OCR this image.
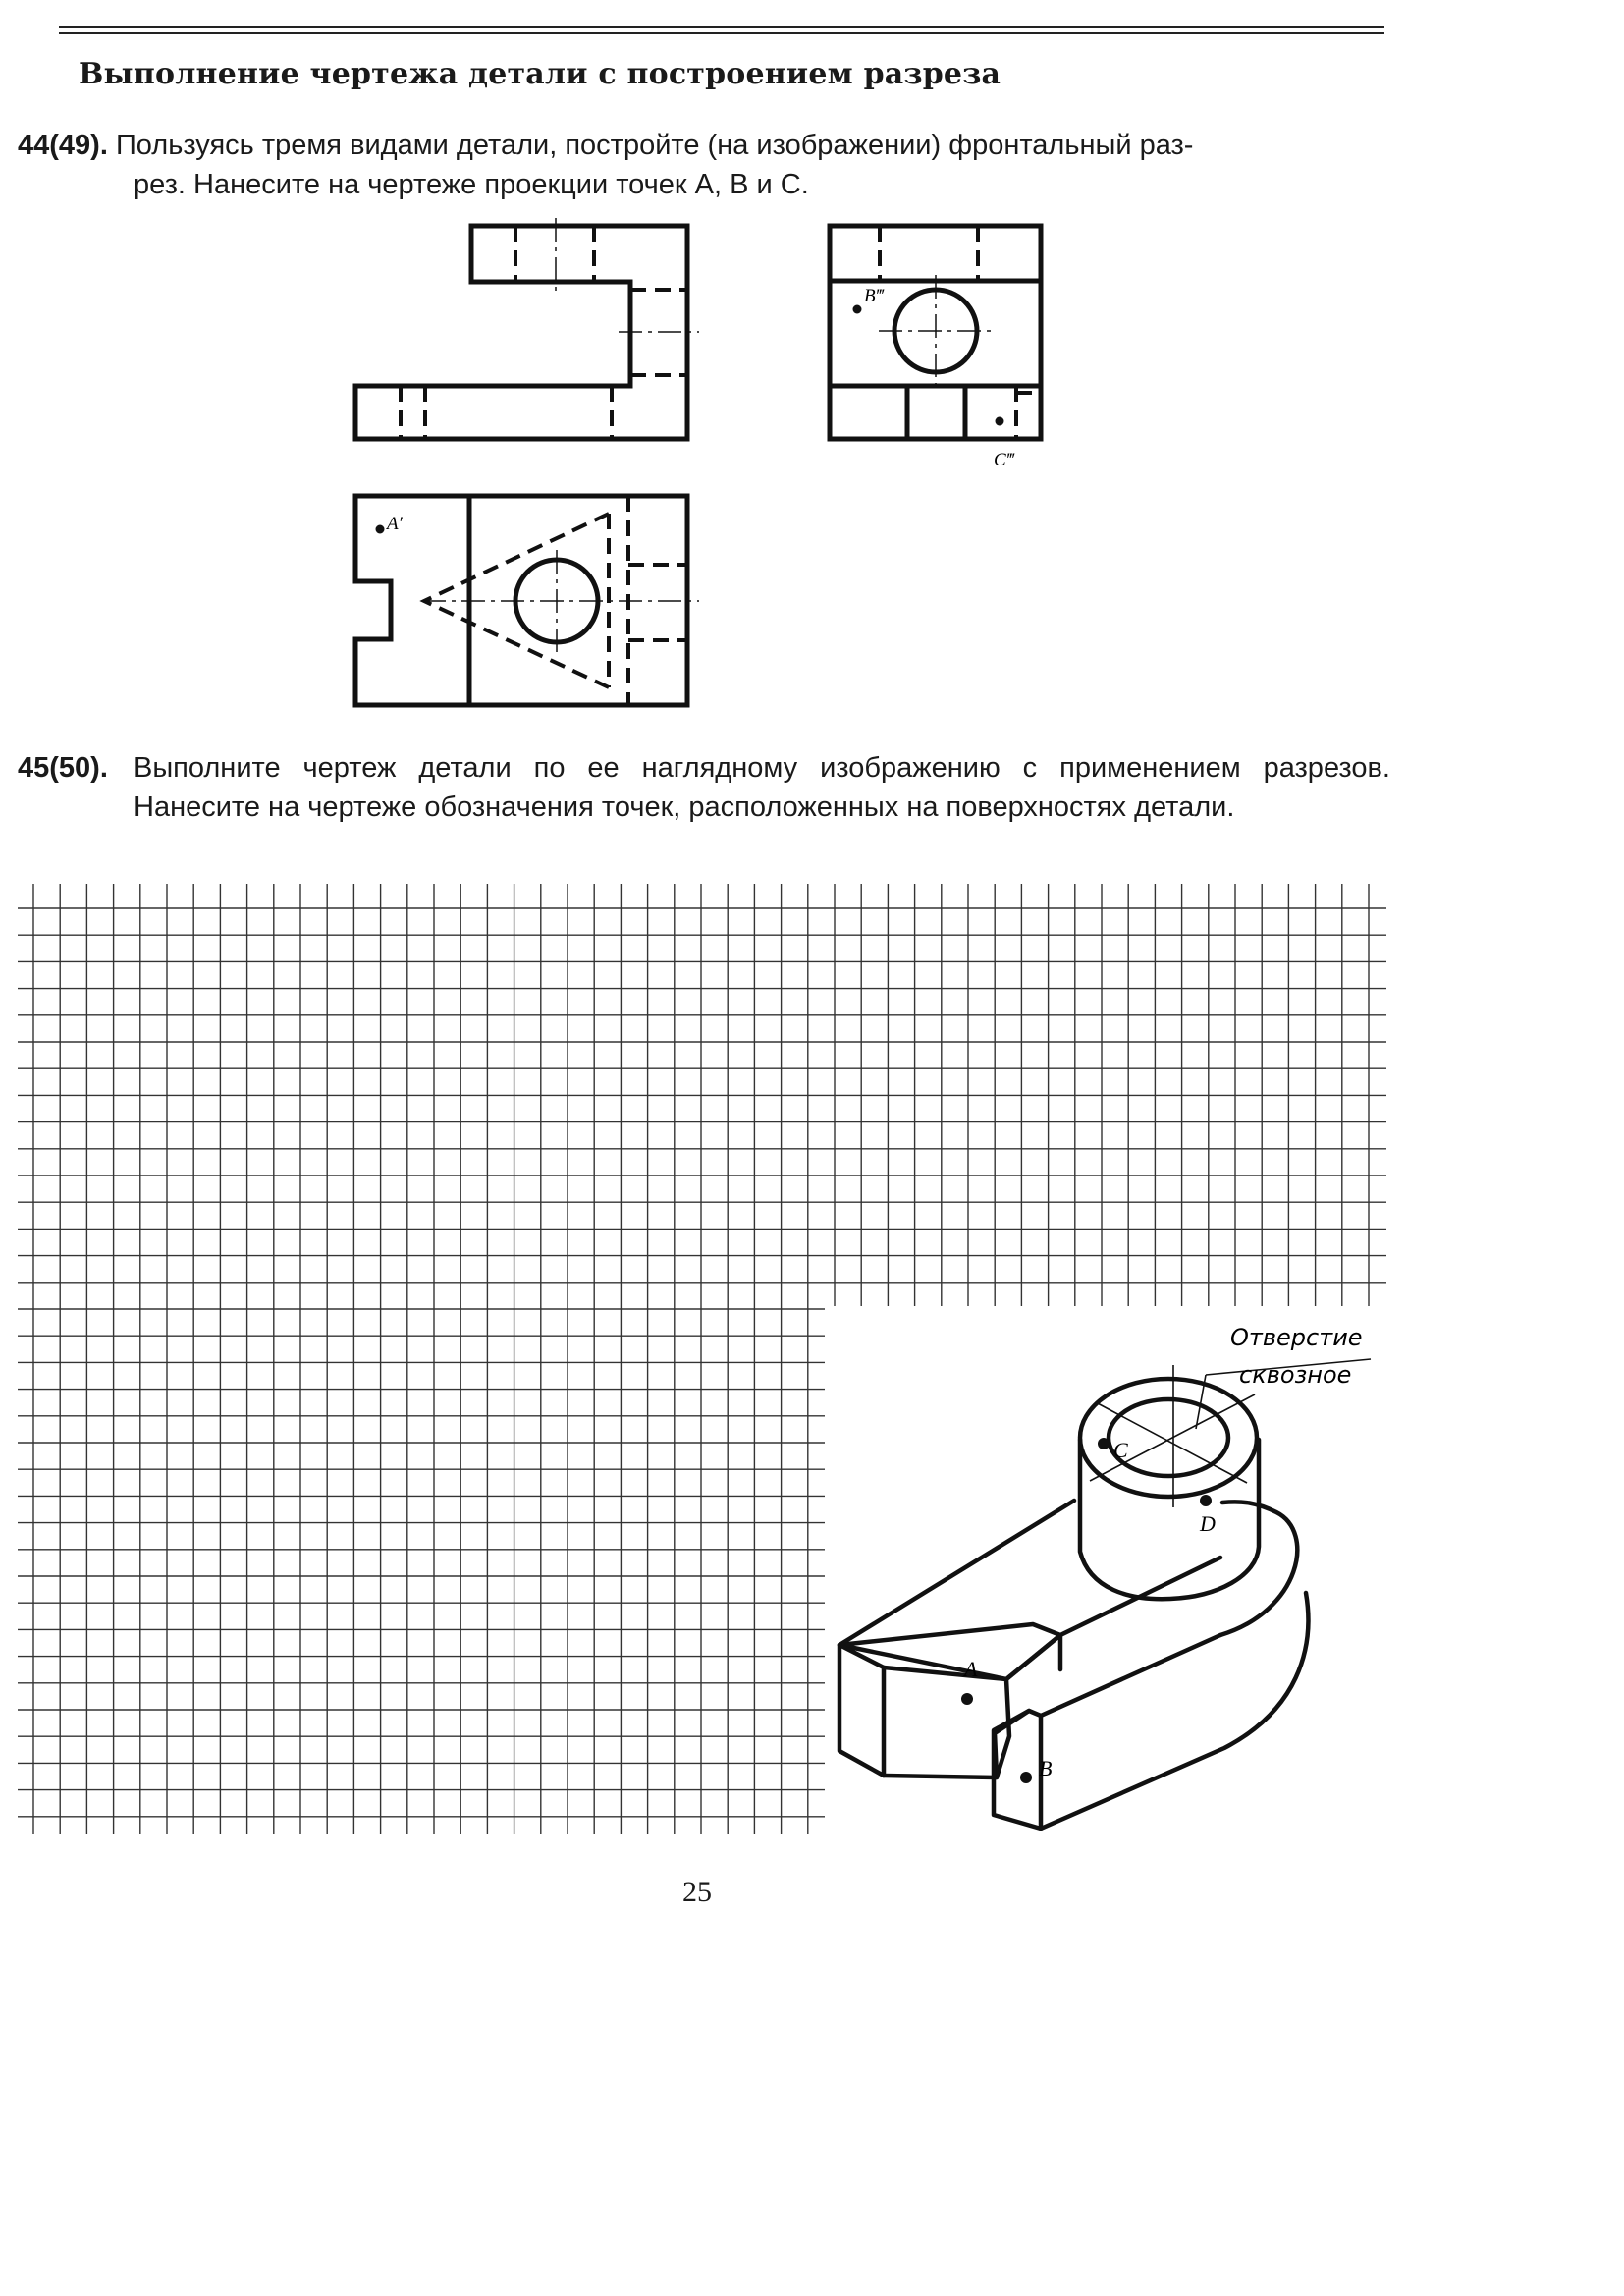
Выполнение чертежа детали с построением разреза
44(49). Пользуясь тремя видами детали, постройте (на изображении) фронтальный раз-
рез. Нанесите на чертеже проекции точек A, B и C.
B‴
C‴
A′
45(50). Выполните чертеж детали по ее наглядному изображению с применением разрезов. Нанесите на чертеже обозначения точек, расположенных на поверхностях детали.
C
D
A
B
Отверстие
сквозное
25
